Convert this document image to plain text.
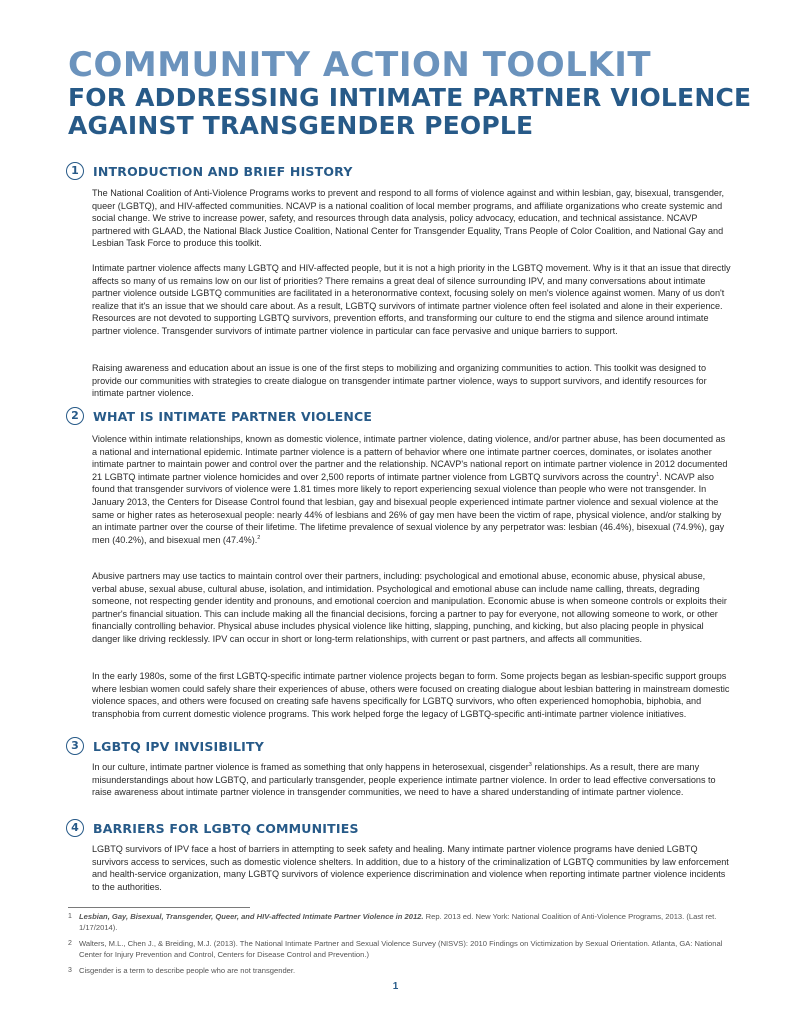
COMMUNITY ACTION TOOLKIT
FOR ADDRESSING INTIMATE PARTNER VIOLENCE
AGAINST TRANSGENDER PEOPLE
1	INTRODUCTION AND BRIEF HISTORY

The National Coalition of Anti-Violence Programs works to prevent and respond to all forms of violence against and within lesbian, gay, bisexual, transgender, queer (LGBTQ), and HIV-affected communities. NCAVP is a national coalition of local member programs, and affiliate organizations who create systemic and social change. We strive to increase power, safety, and resources through data analysis, policy advocacy, education, and technical assistance. NCAVP partnered with GLAAD, the National Black Justice Coalition, National Center for Transgender Equality, Trans People of Color Coalition, and National Gay and Lesbian Task Force to produce this toolkit.

Intimate partner violence affects many LGBTQ and HIV-affected people, but it is not a high priority in the LGBTQ movement. Why is it that an issue that directly affects so many of us remains low on our list of priorities? There remains a great deal of silence surrounding IPV, and many conversations about intimate partner violence outside LGBTQ communities are facilitated in a heteronormative context, focusing solely on men's violence against women. Many of us don't realize that it's an issue that we should care about. As a result, LGBTQ survivors of intimate partner violence often feel isolated and alone in their experience. Resources are not devoted to supporting LGBTQ survivors, prevention efforts, and transforming our culture to end the stigma and silence around intimate partner violence. Transgender survivors of intimate partner violence in particular can face pervasive and unique barriers to support.

Raising awareness and education about an issue is one of the first steps to mobilizing and organizing communities to action. This toolkit was designed to provide our communities with strategies to create dialogue on transgender intimate partner violence, ways to support survivors, and identify resources for intimate partner violence.

2	WHAT IS INTIMATE PARTNER VIOLENCE

Violence within intimate relationships, known as domestic violence, intimate partner violence, dating violence, and/or partner abuse, has been documented as a national and international epidemic. Intimate partner violence is a pattern of behavior where one intimate partner coerces, dominates, or isolates another intimate partner to maintain power and control over the partner and the relationship. NCAVP's national report on intimate partner violence in 2012 documented 21 LGBTQ intimate partner violence homicides and over 2,500 reports of intimate partner violence from LGBTQ survivors across the country$^1$. NCAVP also found that transgender survivors of violence were 1.81 times more likely to report experiencing sexual violence than people who were not transgender. In January 2013, the Centers for Disease Control found that lesbian, gay and bisexual people experienced intimate partner violence and sexual violence at the same or higher rates as heterosexual people: nearly 44% of lesbians and 26% of gay men have been the victim of rape, physical violence, and/or stalking by an intimate partner over the course of their lifetime. The lifetime prevalence of sexual violence by any perpetrator was: lesbian (46.4%), bisexual (74.9%), gay men (40.2%), and bisexual men (47.4%).$^2$

Abusive partners may use tactics to maintain control over their partners, including: psychological and emotional abuse, economic abuse, physical abuse, verbal abuse, sexual abuse, cultural abuse, isolation, and intimidation. Psychological and emotional abuse can include name calling, threats, degrading someone, not respecting gender identity and pronouns, and emotional coercion and manipulation. Economic abuse is when someone controls or exploits their partner's financial situation. This can include making all the financial decisions, forcing a partner to pay for everyone, not allowing someone to work, or other financially controlling behavior. Physical abuse includes physical violence like hitting, slapping, punching, and kicking, but also placing people in physical danger like driving recklessly. IPV can occur in short or long-term relationships, with current or past partners, and affects all communities.

In the early 1980s, some of the first LGBTQ-specific intimate partner violence projects began to form. Some projects began as lesbian-specific support groups where lesbian women could safely share their experiences of abuse, others were focused on creating dialogue about lesbian battering in mainstream domestic violence spaces, and others were focused on creating safe havens specifically for LGBTQ survivors, who often experienced homophobia, biphobia, and transphobia from current domestic violence programs. This work helped forge the legacy of LGBTQ-specific anti-intimate partner violence initiatives.

3	LGBTQ IPV INVISIBILITY

In our culture, intimate partner violence is framed as something that only happens in heterosexual, cisgender$^3$ relationships. As a result, there are many misunderstandings about how LGBTQ, and particularly transgender, people experience intimate partner violence. In order to lead effective conversations to raise awareness about intimate partner violence in transgender communities, we need to have a shared understanding of intimate partner violence.

4	BARRIERS FOR LGBTQ COMMUNITIES

LGBTQ survivors of IPV face a host of barriers in attempting to seek safety and healing. Many intimate partner violence programs have denied LGBTQ survivors access to services, such as domestic violence shelters. In addition, due to a history of the criminalization of LGBTQ communities by law enforcement and health-service organization, many LGBTQ survivors of violence experience discrimination and violence when reporting intimate partner violence incidents to the authorities.

1 Lesbian, Gay, Bisexual, Transgender, Queer, and HIV-affected Intimate Partner Violence in 2012. Rep. 2013 ed. New York: National Coalition of Anti-Violence Programs, 2013. (Last ret. 1/17/2014).
2 Walters, M.L., Chen J., & Breiding, M.J. (2013). The National Intimate Partner and Sexual Violence Survey (NISVS): 2010 Findings on Victimization by Sexual Orientation. Atlanta, GA: National Center for Injury Prevention and Control, Centers for Disease Control and Prevention.)
3 Cisgender is a term to describe people who are not transgender.
1
